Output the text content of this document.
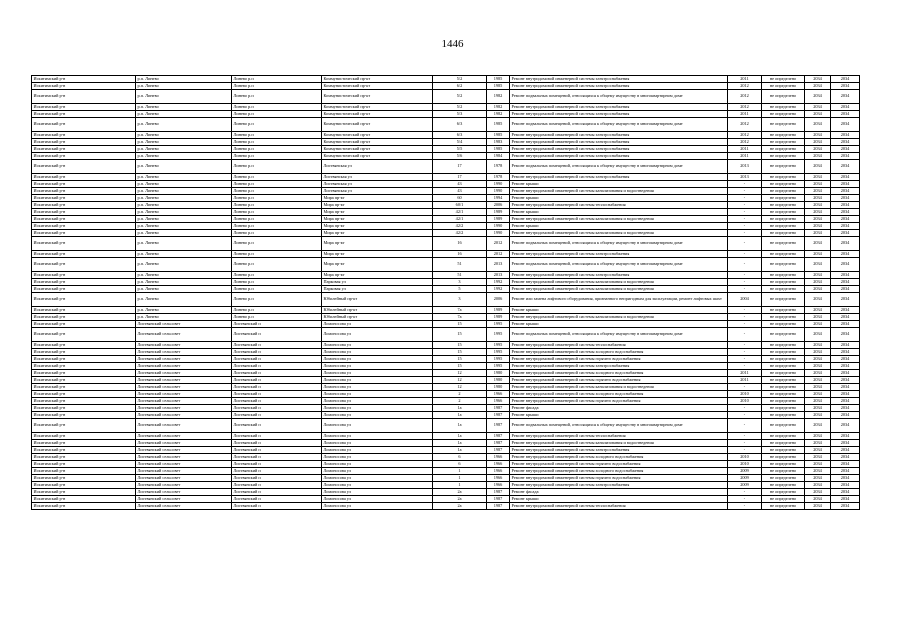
1446
Искитимский р-н	р.п. Линево	Линево р.п	Коммунистический пр-кт	5/2	1985	Ремонт внутридомовой инженерной системы электроснабжения	2011	не определено	2034	2034
Искитимский р-н	р.п. Линево	Линево р.п	Коммунистический пр-кт	6/2	1985	Ремонт внутридомовой инженерной системы электроснабжения	2012	не определено	2034	2034
Искитимский р-н	р.п. Линево	Линево р.п	Коммунистический пр-кт	5/2	1982	Ремонт подвальных помещений, относящихся к общему имуществу в многоквартирном доме	2012	не определено	2034	2034
Искитимский р-н	р.п. Линево	Линево р.п	Коммунистический пр-кт	5/2	1982	Ремонт внутридомовой инженерной системы электроснабжения	2012	не определено	2034	2034
Искитимский р-н	р.п. Линево	Линево р.п	Коммунистический пр-кт	5/3	1982	Ремонт внутридомовой инженерной системы электроснабжения	2011	не определено	2034	2034
Искитимский р-н	р.п. Линево	Линево р.п	Коммунистический пр-кт	6/3	1985	Ремонт подвальных помещений, относящихся к общему имуществу в многоквартирном доме	2012	не определено	2034	2034
Искитимский р-н	р.п. Линево	Линево р.п	Коммунистический пр-кт	6/3	1985	Ремонт внутридомовой инженерной системы электроснабжения	2012	не определено	2034	2034
Искитимский р-н	р.п. Линево	Линево р.п	Коммунистический пр-кт	5/4	1983	Ремонт внутридомовой инженерной системы электроснабжения	2012	не определено	2034	2034
Искитимский р-н	р.п. Линево	Линево р.п	Коммунистический пр-кт	5/5	1985	Ремонт внутридомовой инженерной системы электроснабжения	2011	не определено	2034	2034
Искитимский р-н	р.п. Линево	Линево р.п	Коммунистический пр-кт	5/6	1984	Ремонт внутридомовой инженерной системы электроснабжения	2011	не определено	2034	2034
Искитимский р-н	р.п. Линево	Линево р.п	Листвянская ул	17	1978	Ремонт подвальных помещений, относящихся к общему имуществу в многоквартирном доме	2013	не определено	2034	2034
Искитимский р-н	р.п. Линево	Линево р.п	Листвянская ул	17	1978	Ремонт внутридомовой инженерной системы электроснабжения	2013	не определено	2034	2034
Искитимский р-н	р.п. Линево	Линево р.п	Листвянская ул	43	1990	Ремонт крыши	-	не определено	2034	2034
Искитимский р-н	р.п. Линево	Линево р.п	Листвянская ул	43	1990	Ремонт внутридомовой инженерной системы канализования и водоотведения	-	не определено	2034	2034
Искитимский р-н	р.п. Линево	Линево р.п	Мира пр-кт	60	1994	Ремонт крыши	-	не определено	2034	2034
Искитимский р-н	р.п. Линево	Линево р.п	Мира пр-кт	60/1	2006	Ремонт внутридомовой инженерной системы теплоснабжения	-	не определено	2034	2034
Искитимский р-н	р.п. Линево	Линево р.п	Мира пр-кт	42/1	1989	Ремонт крыши	-	не определено	2034	2034
Искитимский р-н	р.п. Линево	Линево р.п	Мира пр-кт	42/1	1989	Ремонт внутридомовой инженерной системы канализования и водоотведения	-	не определено	2034	2034
Искитимский р-н	р.п. Линево	Линево р.п	Мира пр-кт	42/2	1990	Ремонт крыши	-	не определено	2034	2034
Искитимский р-н	р.п. Линево	Линево р.п	Мира пр-кт	42/2	1990	Ремонт внутридомовой инженерной системы канализования и водоотведения	-	не определено	2034	2034
Искитимский р-н	р.п. Линево	Линево р.п	Мира пр-кт	16	2012	Ремонт подвальных помещений, относящихся к общему имуществу в многоквартирном доме	-	не определено	2034	2034
Искитимский р-н	р.п. Линево	Линево р.п	Мира пр-кт	16	2012	Ремонт внутридомовой инженерной системы электроснабжения	-	не определено	2034	2034
Искитимский р-н	р.п. Линево	Линево р.п	Мира пр-кт	51	2013	Ремонт подвальных помещений, относящихся к общему имуществу в многоквартирном доме	-	не определено	2034	2034
Искитимский р-н	р.п. Линево	Линево р.п	Мира пр-кт	51	2013	Ремонт внутридомовой инженерной системы электроснабжения	-	не определено	2034	2034
Искитимский р-н	р.п. Линево	Линево р.п	Парковая ул	3	1992	Ремонт внутридомовой инженерной системы канализования и водоотведения	-	не определено	2034	2034
Искитимский р-н	р.п. Линево	Линево р.п	Парковая ул	5	1992	Ремонт внутридомовой инженерной системы канализования и водоотведения	-	не определено	2034	2034
Искитимский р-н	р.п. Линево	Линево р.п	Юбилейный пр-кт	3	2006	Ремонт или замена лифтового оборудования, признанного непригодным для эксплуатации, ремонт лифтовых шахт	2004	не определено	2034	2034
Искитимский р-н	р.п. Линево	Линево р.п	Юбилейный пр-кт	7а	1989	Ремонт крыши	-	не определено	2034	2034
Искитимский р-н	р.п. Линево	Линево р.п	Юбилейный пр-кт	7а	1989	Ремонт внутридомовой инженерной системы канализования и водоотведения	-	не определено	2034	2034
Искитимский р-н	Листвянский сельсовет	Листвянский п	Ломоносова ул	15	1995	Ремонт крыши	-	не определено	2034	2034
Искитимский р-н	Листвянский сельсовет	Листвянский п	Ломоносова ул	15	1995	Ремонт подвальных помещений, относящихся к общему имуществу в многоквартирном доме	-	не определено	2034	2034
Искитимский р-н	Листвянский сельсовет	Листвянский п	Ломоносова ул	15	1995	Ремонт внутридомовой инженерной системы теплоснабжения	-	не определено	2034	2034
Искитимский р-н	Листвянский сельсовет	Листвянский п	Ломоносова ул	15	1995	Ремонт внутридомовой инженерной системы холодного водоснабжения	-	не определено	2034	2034
Искитимский р-н	Листвянский сельсовет	Листвянский п	Ломоносова ул	15	1995	Ремонт внутридомовой инженерной системы горячего водоснабжения	-	не определено	2034	2034
Искитимский р-н	Листвянский сельсовет	Листвянский п	Ломоносова ул	15	1995	Ремонт внутридомовой инженерной системы электроснабжения	-	не определено	2034	2034
Искитимский р-н	Листвянский сельсовет	Листвянский п	Ломоносова ул	12	1980	Ремонт внутридомовой инженерной системы холодного водоснабжения	2011	не определено	2034	2034
Искитимский р-н	Листвянский сельсовет	Листвянский п	Ломоносова ул	12	1980	Ремонт внутридомовой инженерной системы горячего водоснабжения	2011	не определено	2034	2034
Искитимский р-н	Листвянский сельсовет	Листвянский п	Ломоносова ул	12	1980	Ремонт внутридомовой инженерной системы канализования и водоотведения	-	не определено	2034	2034
Искитимский р-н	Листвянский сельсовет	Листвянский п	Ломоносова ул	2	1966	Ремонт внутридомовой инженерной системы холодного водоснабжения	2010	не определено	2034	2034
Искитимский р-н	Листвянский сельсовет	Листвянский п	Ломоносова ул	2	1966	Ремонт внутридомовой инженерной системы горячего водоснабжения	2010	не определено	2034	2034
Искитимский р-н	Листвянский сельсовет	Листвянский п	Ломоносова ул	1а	1987	Ремонт фасада	-	не определено	2034	2034
Искитимский р-н	Листвянский сельсовет	Листвянский п	Ломоносова ул	1а	1987	Ремонт крыши	-	не определено	2034	2034
Искитимский р-н	Листвянский сельсовет	Листвянский п	Ломоносова ул	1а	1987	Ремонт подвальных помещений, относящихся к общему имуществу в многоквартирном доме	-	не определено	2034	2034
Искитимский р-н	Листвянский сельсовет	Листвянский п	Ломоносова ул	1а	1987	Ремонт внутридомовой инженерной системы теплоснабжения	-	не определено	2034	2034
Искитимский р-н	Листвянский сельсовет	Листвянский п	Ломоносова ул	1а	1987	Ремонт внутридомовой инженерной системы канализования и водоотведения	-	не определено	2034	2034
Искитимский р-н	Листвянский сельсовет	Листвянский п	Ломоносова ул	1а	1987	Ремонт внутридомовой инженерной системы электроснабжения	-	не определено	2034	2034
Искитимский р-н	Листвянский сельсовет	Листвянский п	Ломоносова ул	6	1966	Ремонт внутридомовой инженерной системы холодного водоснабжения	2010	не определено	2034	2034
Искитимский р-н	Листвянский сельсовет	Листвянский п	Ломоносова ул	6	1966	Ремонт внутридомовой инженерной системы горячего водоснабжения	2010	не определено	2034	2034
Искитимский р-н	Листвянский сельсовет	Листвянский п	Ломоносова ул	1	1966	Ремонт внутридомовой инженерной системы холодного водоснабжения	2009	не определено	2034	2034
Искитимский р-н	Листвянский сельсовет	Листвянский п	Ломоносова ул	1	1966	Ремонт внутридомовой инженерной системы горячего водоснабжения	2009	не определено	2034	2034
Искитимский р-н	Листвянский сельсовет	Листвянский п	Ломоносова ул	1	1966	Ремонт внутридомовой инженерной системы электроснабжения	2009	не определено	2034	2034
Искитимский р-н	Листвянский сельсовет	Листвянский п	Ломоносова ул	2а	1987	Ремонт фасада	-	не определено	2034	2034
Искитимский р-н	Листвянский сельсовет	Листвянский п	Ломоносова ул	2а	1987	Ремонт крыши	-	не определено	2034	2034
Искитимский р-н	Листвянский сельсовет	Листвянский п	Ломоносова ул	2а	1987	Ремонт внутридомовой инженерной системы теплоснабжения	-	не определено	2034	2034
